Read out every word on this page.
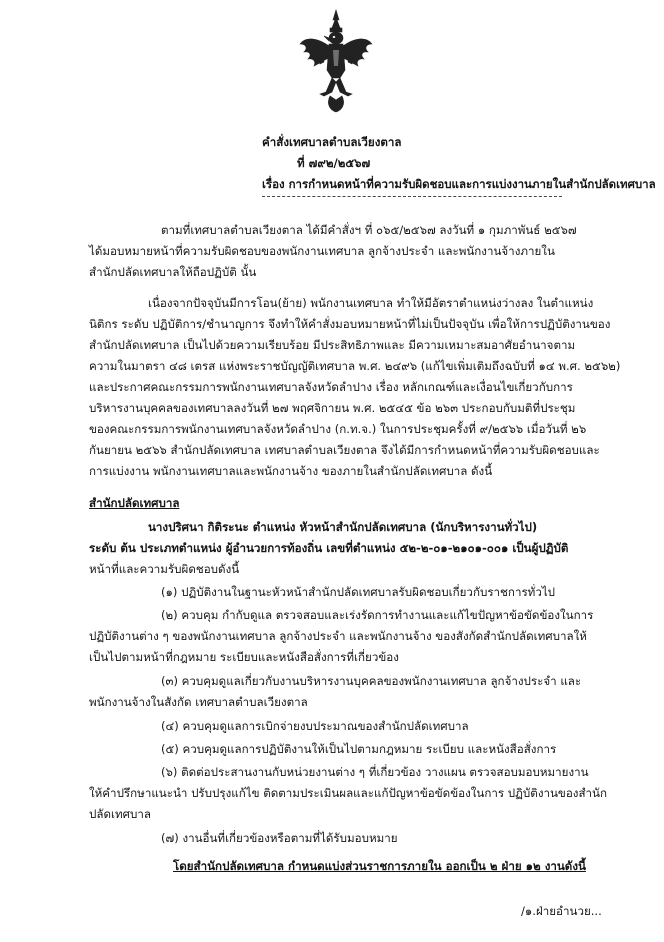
คำสั่งเทศบาลตำบลเวียงตาล
ที่ ๗๙๒/๒๕๖๗
เรื่อง การกำหนดหน้าที่ความรับผิดชอบและการแบ่งงานภายในสำนักปลัดเทศบาล
ตามที่เทศบาลตำบลเวียงตาล ได้มีคำสั่งฯ ที่ ๐๖๕/๒๕๖๗ ลงวันที่ ๑ กุมภาพันธ์ ๒๕๖๗
ได้มอบหมายหน้าที่ความรับผิดชอบของพนักงานเทศบาล ลูกจ้างประจำ และพนักงานจ้างภายใน
สำนักปลัดเทศบาลให้ถือปฏิบัติ นั้น
เนื่องจากปัจจุบันมีการโอน(ย้าย) พนักงานเทศบาล ทำให้มีอัตราตำแหน่งว่างลง ในตำแหน่ง
นิติกร ระดับ ปฏิบัติการ/ชำนาญการ จึงทำให้คำสั่งมอบหมายหน้าที่ไม่เป็นปัจจุบัน เพื่อให้การปฏิบัติงานของ
สำนักปลัดเทศบาล เป็นไปด้วยความเรียบร้อย มีประสิทธิภาพและ มีความเหมาะสมอาศัยอำนาจตาม
ความในมาตรา ๔๘ เตรส แห่งพระราชบัญญัติเทศบาล พ.ศ. ๒๔๙๖ (แก้ไขเพิ่มเติมถึงฉบับที่ ๑๔ พ.ศ. ๒๕๖๒)
และประกาศคณะกรรมการพนักงานเทศบาลจังหวัดลำปาง เรื่อง หลักเกณฑ์และเงื่อนไขเกี่ยวกับการ
บริหารงานบุคคลของเทศบาลลงวันที่ ๒๗ พฤศจิกายน พ.ศ. ๒๕๔๕ ข้อ ๒๖๓ ประกอบกับมติที่ประชุม
ของคณะกรรมการพนักงานเทศบาลจังหวัดลำปาง (ก.ท.จ.) ในการประชุมครั้งที่ ๙/๒๕๖๖ เมื่อวันที่ ๒๖
กันยายน ๒๕๖๖ สำนักปลัดเทศบาล เทศบาลตำบลเวียงตาล จึงได้มีการกำหนดหน้าที่ความรับผิดชอบและ
การแบ่งงาน พนักงานเทศบาลและพนักงานจ้าง ของภายในสำนักปลัดเทศบาล ดังนี้
สำนักปลัดเทศบาล
นางปริศนา กิติระนะ ตำแหน่ง หัวหน้าสำนักปลัดเทศบาล (นักบริหารงานทั่วไป)
ระดับ ต้น ประเภทตำแหน่ง ผู้อำนวยการท้องถิ่น เลขที่ตำแหน่ง ๕๒-๒-๐๑-๒๑๐๑-๐๐๑ เป็นผู้ปฏิบัติ
หน้าที่และความรับผิดชอบดังนี้
(๑) ปฏิบัติงานในฐานะหัวหน้าสำนักปลัดเทศบาลรับผิดชอบเกี่ยวกับราชการทั่วไป
(๒) ควบคุม กำกับดูแล ตรวจสอบและเร่งรัดการทำงานและแก้ไขปัญหาข้อขัดข้องในการ
ปฏิบัติงานต่าง ๆ ของพนักงานเทศบาล ลูกจ้างประจำ และพนักงานจ้าง ของสังกัดสำนักปลัดเทศบาลให้
เป็นไปตามหน้าที่กฎหมาย ระเบียบและหนังสือสั่งการที่เกี่ยวข้อง
(๓) ควบคุมดูแลเกี่ยวกับงานบริหารงานบุคคลของพนักงานเทศบาล ลูกจ้างประจำ และ
พนักงานจ้างในสังกัด เทศบาลตำบลเวียงตาล
(๔) ควบคุมดูแลการเบิกจ่ายงบประมาณของสำนักปลัดเทศบาล
(๕) ควบคุมดูแลการปฏิบัติงานให้เป็นไปตามกฎหมาย ระเบียบ และหนังสือสั่งการ
(๖) ติดต่อประสานงานกับหน่วยงานต่าง ๆ ที่เกี่ยวข้อง วางแผน ตรวจสอบมอบหมายงาน
ให้คำปรึกษาแนะนำ ปรับปรุงแก้ไข ติดตามประเมินผลและแก้ปัญหาข้อขัดข้องในการ ปฏิบัติงานของสำนัก
ปลัดเทศบาล
(๗) งานอื่นที่เกี่ยวข้องหรือตามที่ได้รับมอบหมาย
โดยสำนักปลัดเทศบาล กำหนดแบ่งส่วนราชการภายใน ออกเป็น ๒ ฝ่าย ๑๒ งานดังนี้
/๑.ฝ่ายอำนวย...
